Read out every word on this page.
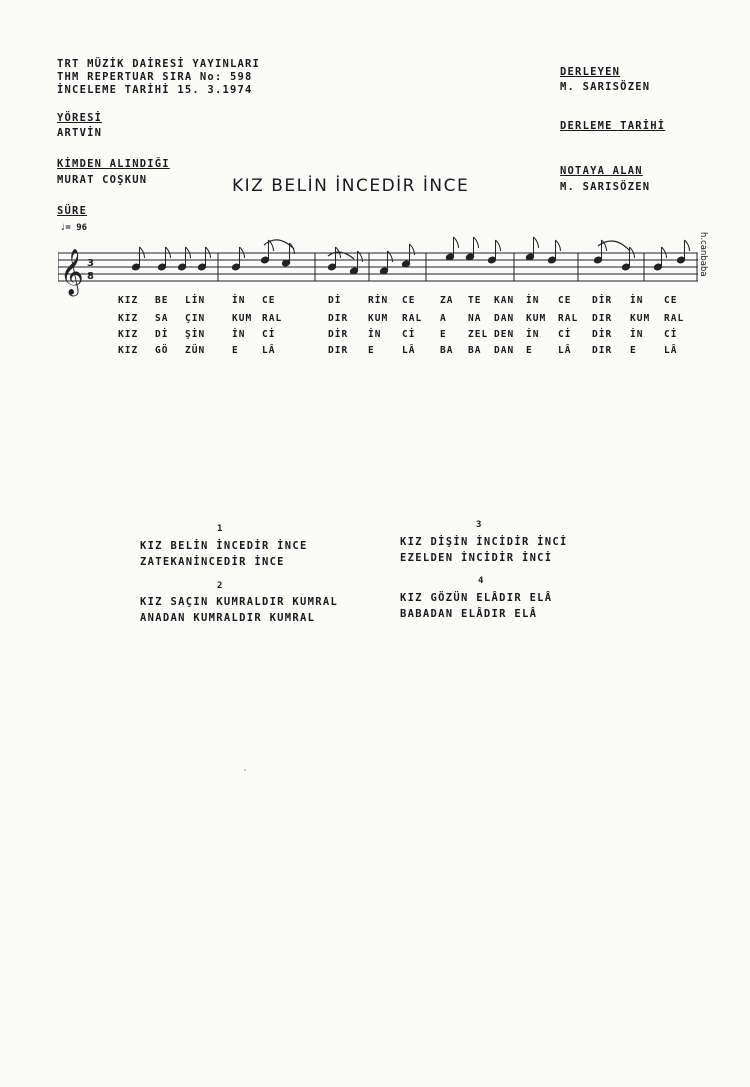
TRT MÜZİK DAİRESİ YAYINLARI
THM REPERTUAR SIRA No: 598
İNCELEME TARİHİ 15. 3.1974
YÖRESİ
ARTVİN
KİMDEN ALINDIĞI
MURAT COŞKUN
SÜRE
♩= 96
DERLEYEN
M. SARISÖZEN
DERLEME TARİHİ
NOTAYA ALAN
M. SARISÖZEN
KIZ BELİN İNCEDİR İNCE
h.canbaba
𝄞 3
8
KIZ BE LİN	İN CE	Dİ	RİN CE	ZA TE KAN İN CE DİR İN CE
KIZ SA ÇIN	KUM RAL	DIR KUM RAL A NA DAN KUM RAL DIR KUM RAL
KIZ Dİ ŞİN	İN Cİ	DİR İN Cİ	E ZEL DEN İN Cİ DİR İN Cİ
KIZ GÖ ZÜN	E LÂ	DIR E	LÂ	BA BA DAN E	LÂ DIR E	LÂ
1
KIZ BELİN İNCEDİR İNCE
ZATEKANİNCEDİR İNCE
2
KIZ SAÇIN KUMRALDIR KUMRAL
ANADAN KUMRALDIR KUMRAL
3
KIZ DİŞİN İNCİDİR İNCİ
EZELDEN İNCİDİR İNCİ
4
KIZ GÖZÜN ELÂDIR ELÂ
BABADAN ELÂDIR ELÂ
